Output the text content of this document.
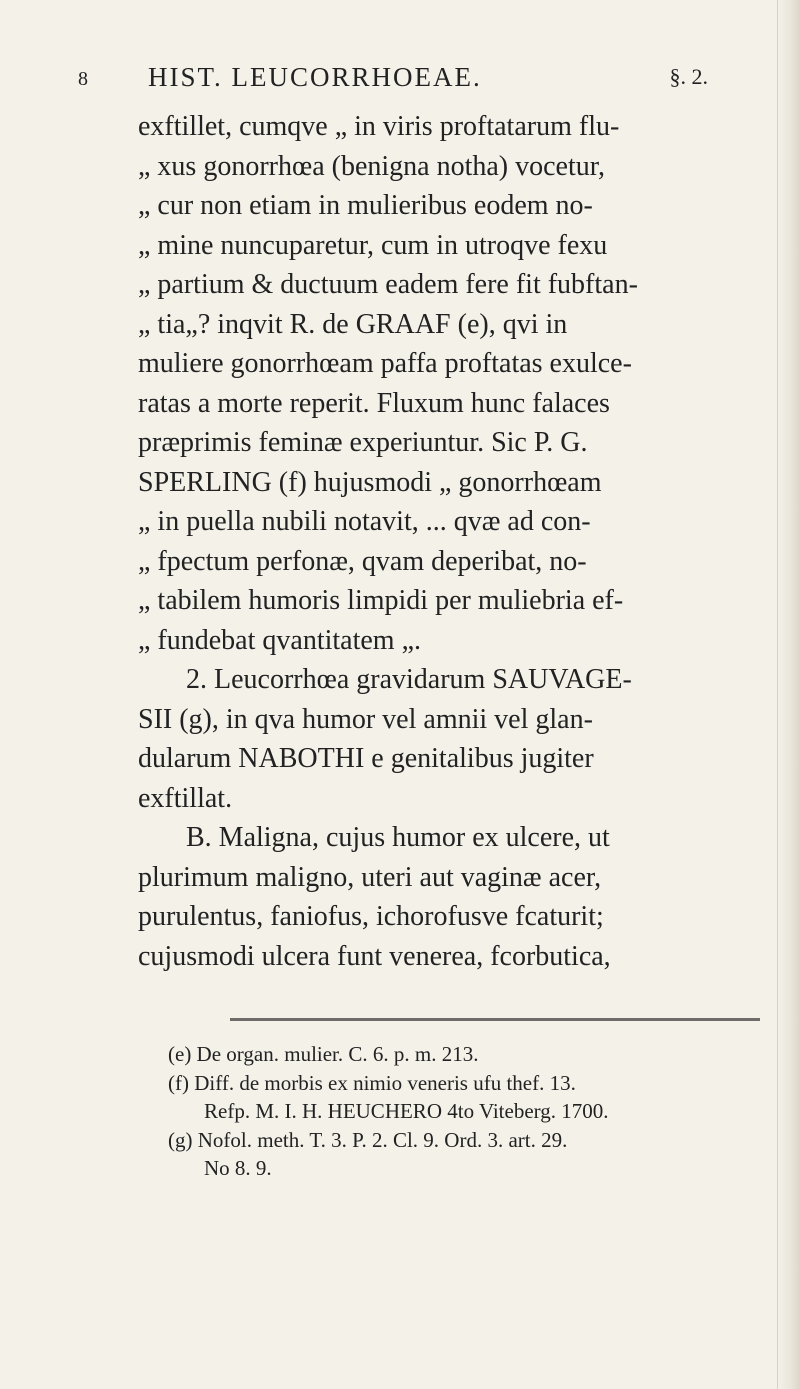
8 HIST. LEUCORRHOEAE.	§. 2.
exftillet, cumqve „ in viris proftatarum flu-
„ xus gonorrhœa (benigna notha) vocetur,
„ cur non etiam in mulieribus eodem no-
„ mine nuncuparetur, cum in utroqve fexu
„ partium & ductuum eadem fere fit fubftan-
„ tia„? inqvit R. de GRAAF (e), qvi in
muliere gonorrhœam paffa proftatas exulce-
ratas a morte reperit. Fluxum hunc falaces
præprimis feminæ experiuntur. Sic P. G.
SPERLING (f) hujusmodi „ gonorrhœam
„ in puella nubili notavit, ... qvæ ad con-
„ fpectum perfonæ, qvam deperibat, no-
„ tabilem humoris limpidi per muliebria ef-
„ fundebat qvantitatem „.
2. Leucorrhœa gravidarum SAUVAGE-
SII (g), in qva humor vel amnii vel glan-
dularum NABOTHI e genitalibus jugiter
exftillat.
B. Maligna, cujus humor ex ulcere, ut
plurimum maligno, uteri aut vaginæ acer,
purulentus, faniofus, ichorofusve fcaturit;
cujusmodi ulcera funt venerea, fcorbutica,
(e) De organ. mulier. C. 6. p. m. 213.
(f) Diff. de morbis ex nimio veneris ufu thef. 13.
Refp. M. I. H. HEUCHERO 4to Viteberg. 1700.
(g) Nofol. meth. T. 3. P. 2. Cl. 9. Ord. 3. art. 29.
No 8. 9.
